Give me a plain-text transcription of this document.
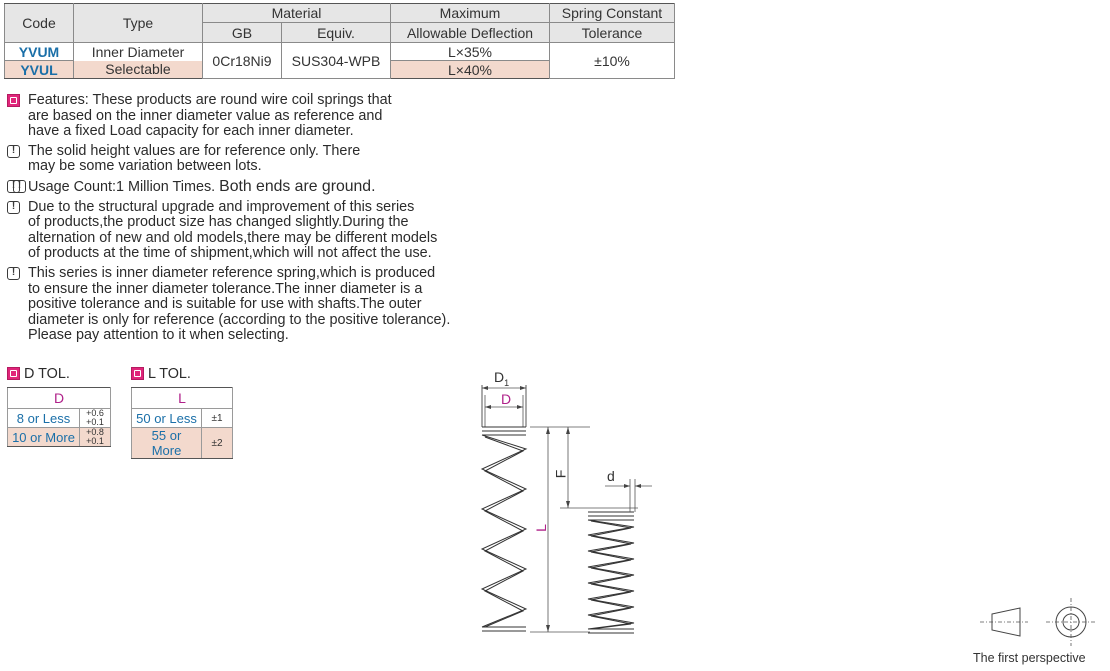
Code	Type	Material		Maximum	Spring Constant
		GB	Equiv.	Allowable Deflection	Tolerance
YVUM	Inner Diameter	0Cr18Ni9	SUS304-WPB	L×35%	±10%
YVUL	Selectable			L×40%	
Features: These products are round wire coil springs that
are based on the inner diameter value as reference and
have a fixed Load capacity for each inner diameter.
! The solid height values are for reference only. There
may be some variation between lots.
! Usage Count:1 Million Times.
!	Both ends are ground.
! Due to the structural upgrade and improvement of this series
of products,the product size has changed slightly.During the
alternation of new and old models,there may be different models
of products at the time of shipment,which will not affect the use.
! This series is inner diameter reference spring,which is produced
to ensure the inner diameter tolerance.The inner diameter is a
positive tolerance and is suitable for use with shafts.The outer
diameter is only for reference (according to the positive tolerance).
Please pay attention to it when selecting.
D TOL.
D	
8 or Less	+0.6
+0.1

10 or More	+0.8
+0.1
L TOL.
L	
50 or Less	±1
55 or More	±2
$D_1$
D
F
L
d
The first perspective
